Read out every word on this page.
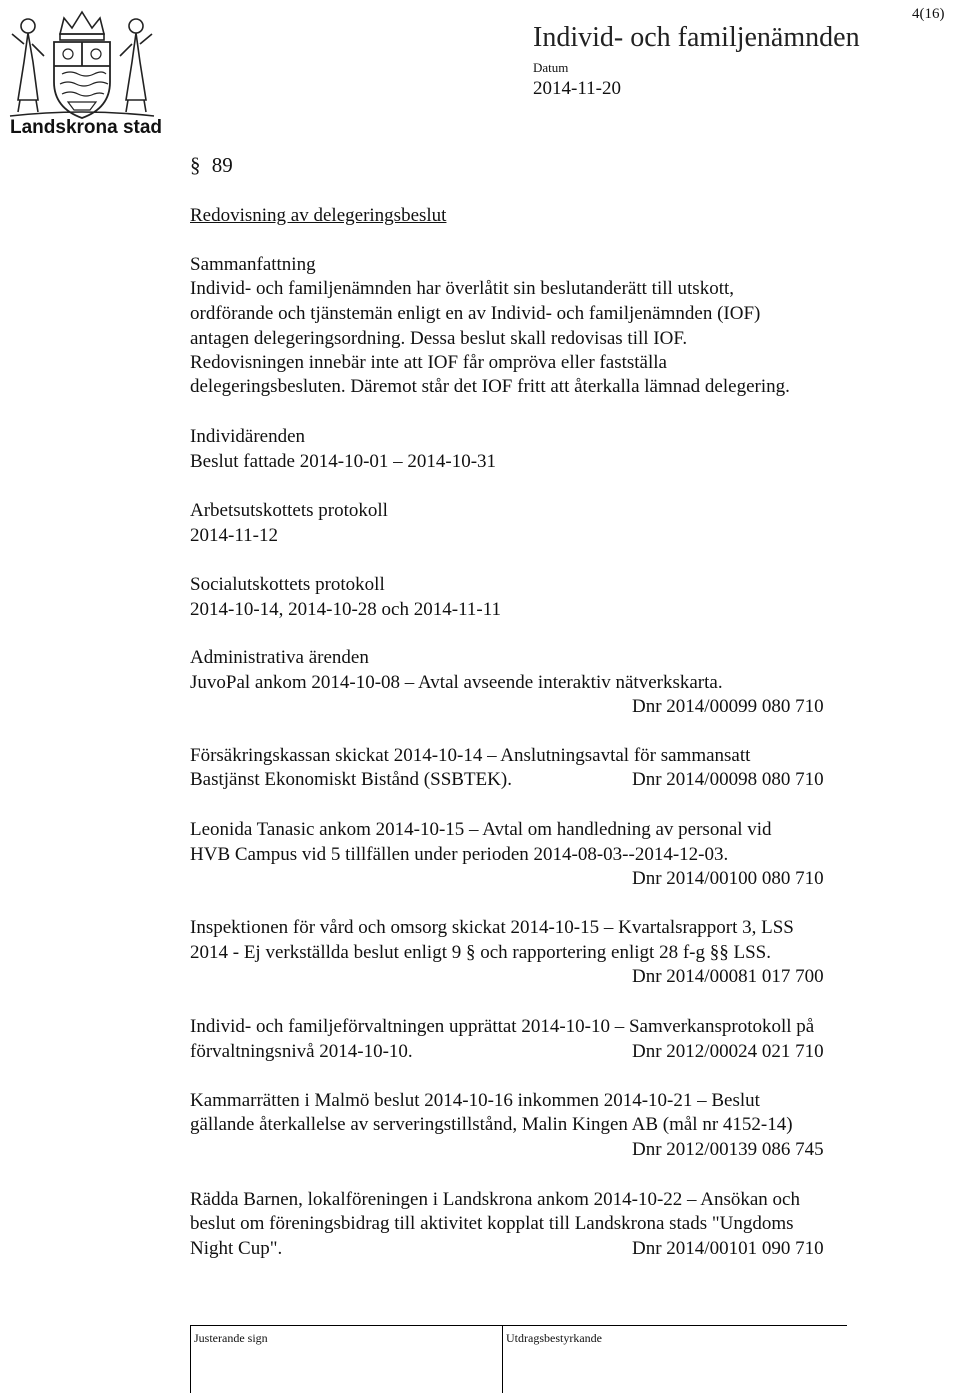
Landskrona stad
4(16)
Individ- och familjenämnden
Datum
2014-11-20
§ 89
Redovisning av delegeringsbeslut
Sammanfattning
Individ- och familjenämnden har överlåtit sin beslutanderätt till utskott,
ordförande och tjänstemän enligt en av Individ- och familjenämnden (IOF)
antagen delegeringsordning. Dessa beslut skall redovisas till IOF.
Redovisningen innebär inte att IOF får ompröva eller fastställa
delegeringsbesluten. Däremot står det IOF fritt att återkalla lämnad delegering.
Individärenden
Beslut fattade 2014-10-01 – 2014-10-31
Arbetsutskottets protokoll
2014-11-12
Socialutskottets protokoll
2014-10-14, 2014-10-28 och 2014-11-11
Administrativa ärenden
JuvoPal ankom 2014-10-08 – Avtal avseende interaktiv nätverkskarta.
Dnr 2014/00099 080 710
Försäkringskassan skickat 2014-10-14 – Anslutningsavtal för sammansatt
Bastjänst Ekonomiskt Bistånd (SSBTEK).	Dnr 2014/00098 080 710
Leonida Tanasic ankom 2014-10-15 – Avtal om handledning av personal vid
HVB Campus vid 5 tillfällen under perioden 2014-08-03--2014-12-03.
Dnr 2014/00100 080 710
Inspektionen för vård och omsorg skickat 2014-10-15 – Kvartalsrapport 3, LSS
2014 - Ej verkställda beslut enligt 9 § och rapportering enligt 28 f-g §§ LSS.
Dnr 2014/00081 017 700
Individ- och familjeförvaltningen upprättat 2014-10-10 – Samverkansprotokoll på
förvaltningsnivå 2014-10-10.	Dnr 2012/00024 021 710
Kammarrätten i Malmö beslut 2014-10-16 inkommen 2014-10-21 – Beslut
gällande återkallelse av serveringstillstånd, Malin Kingen AB (mål nr 4152-14)
Dnr 2012/00139 086 745
Rädda Barnen, lokalföreningen i Landskrona ankom 2014-10-22 – Ansökan och
beslut om föreningsbidrag till aktivitet kopplat till Landskrona stads "Ungdoms
Night Cup".	Dnr 2014/00101 090 710
Justerande sign	Utdragsbestyrkande
